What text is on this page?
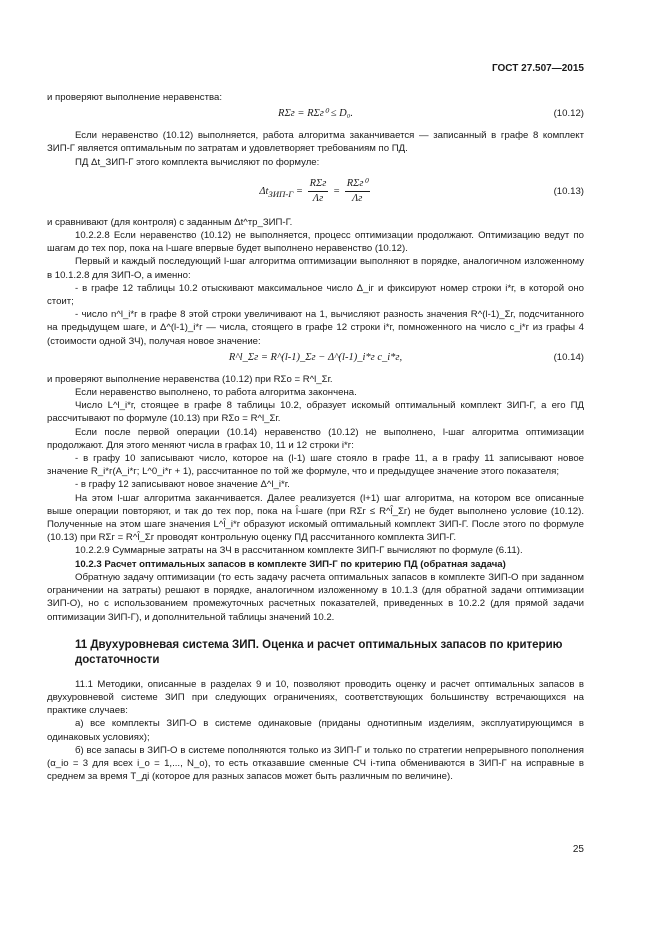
ГОСТ 27.507—2015

и проверяют выполнение неравенства:

RΣг = RΣг⁰ ≤ D₀.	(10.12)

Если неравенство (10.12) выполняется, работа алгоритма заканчивается — записанный в графе 8 комплект ЗИП-Г является оптимальным по затратам и удовлетворяет требованиям по ПД.

ПД Δt_ЗИП-Г этого комплекта вычисляют по формуле:

$\Delta t_{ЗИП-Г} = \frac{\text{RΣг}}{\Lambda г} = \frac{\text{RΣг⁰}}{\Lambda г}$	(10.13)

и сравнивают (для контроля) с заданным Δt^тр_ЗИП-Г.

10.2.2.8 Если неравенство (10.12) не выполняется, процесс оптимизации продолжают. Оптимизацию ведут по шагам до тех пор, пока на l-шаге впервые будет выполнено неравенство (10.12).

Первый и каждый последующий l-шаг алгоритма оптимизации выполняют в порядке, аналогичном изложенному в 10.1.2.8 для ЗИП-О, а именно:

- в графе 12 таблицы 10.2 отыскивают максимальное число Δ_iг и фиксируют номер строки i*г, в которой оно стоит;

- число n^l_i*г в графе 8 этой строки увеличивают на 1, вычисляют разность значения R^(l-1)_Σг, подсчитанного на предыдущем шаге, и Δ^(l-1)_i*г — числа, стоящего в графе 12 строки i*г, помноженного на число c_i*г из графы 4 (стоимости одной ЗЧ), получая новое значение:

R^l_Σг = R^(l-1)_Σг − Δ^(l-1)_i*г c_i*г,	(10.14)

и проверяют выполнение неравенства (10.12) при RΣо = R^l_Σг.

Если неравенство выполнено, то работа алгоритма закончена.

Число L^l_i*г, стоящее в графе 8 таблицы 10.2, образует искомый оптимальный комплект ЗИП-Г, а его ПД рассчитывают по формуле (10.13) при RΣо = R^l_Σг.

Если после первой операции (10.14) неравенство (10.12) не выполнено, l-шаг алгоритма оптимизации продолжают. Для этого меняют числа в графах 10, 11 и 12 строки i*г:

- в графу 10 записывают число, которое на (l-1) шаге стояло в графе 11, а в графу 11 записывают новое значение R_i*г(A_i*г; L^0_i*г + 1), рассчитанное по той же формуле, что и предыдущее значение этого показателя;

- в графу 12 записывают новое значение Δ^l_i*г.

На этом l-шаг алгоритма заканчивается. Далее реализуется (l+1) шаг алгоритма, на котором все описанные выше операции повторяют, и так до тех пор, пока на l̂-шаге (при RΣг ≤ R^l̂_Σг) не будет выполнено условие (10.12). Полученные на этом шаге значения L^l̂_i*г образуют искомый оптимальный комплект ЗИП-Г. После этого по формуле (10.13) при RΣг = R^l̂_Σг проводят контрольную оценку ПД рассчитанного комплекта ЗИП-Г.

10.2.2.9 Суммарные затраты на ЗЧ в рассчитанном комплекте ЗИП-Г вычисляют по формуле (6.11).

10.2.3 Расчет оптимальных запасов в комплекте ЗИП-Г по критерию ПД (обратная задача)

Обратную задачу оптимизации (то есть задачу расчета оптимальных запасов в комплекте ЗИП-О при заданном ограничении на затраты) решают в порядке, аналогичном изложенному в 10.1.3 (для обратной задачи оптимизации ЗИП-О), но с использованием промежуточных расчетных показателей, приведенных в 10.2.2 (для прямой задачи оптимизации ЗИП-Г), и дополнительной таблицы значений 10.2.

11 Двухуровневая система ЗИП. Оценка и расчет оптимальных запасов по критерию достаточности

11.1 Методики, описанные в разделах 9 и 10, позволяют проводить оценку и расчет оптимальных запасов в двухуровневой системе ЗИП при следующих ограничениях, соответствующих большинству встречающихся на практике случаев:

а) все комплекты ЗИП-О в системе одинаковые (приданы однотипным изделиям, эксплуатирующимся в одинаковых условиях);

б) все запасы в ЗИП-О в системе пополняются только из ЗИП-Г и только по стратегии непрерывного пополнения (α_io = 3 для всех i_o = 1,..., N_o), то есть отказавшие сменные СЧ i-типа обмениваются в ЗИП-Г на исправные в среднем за время T_дi (которое для разных запасов может быть различным по величине).

25
